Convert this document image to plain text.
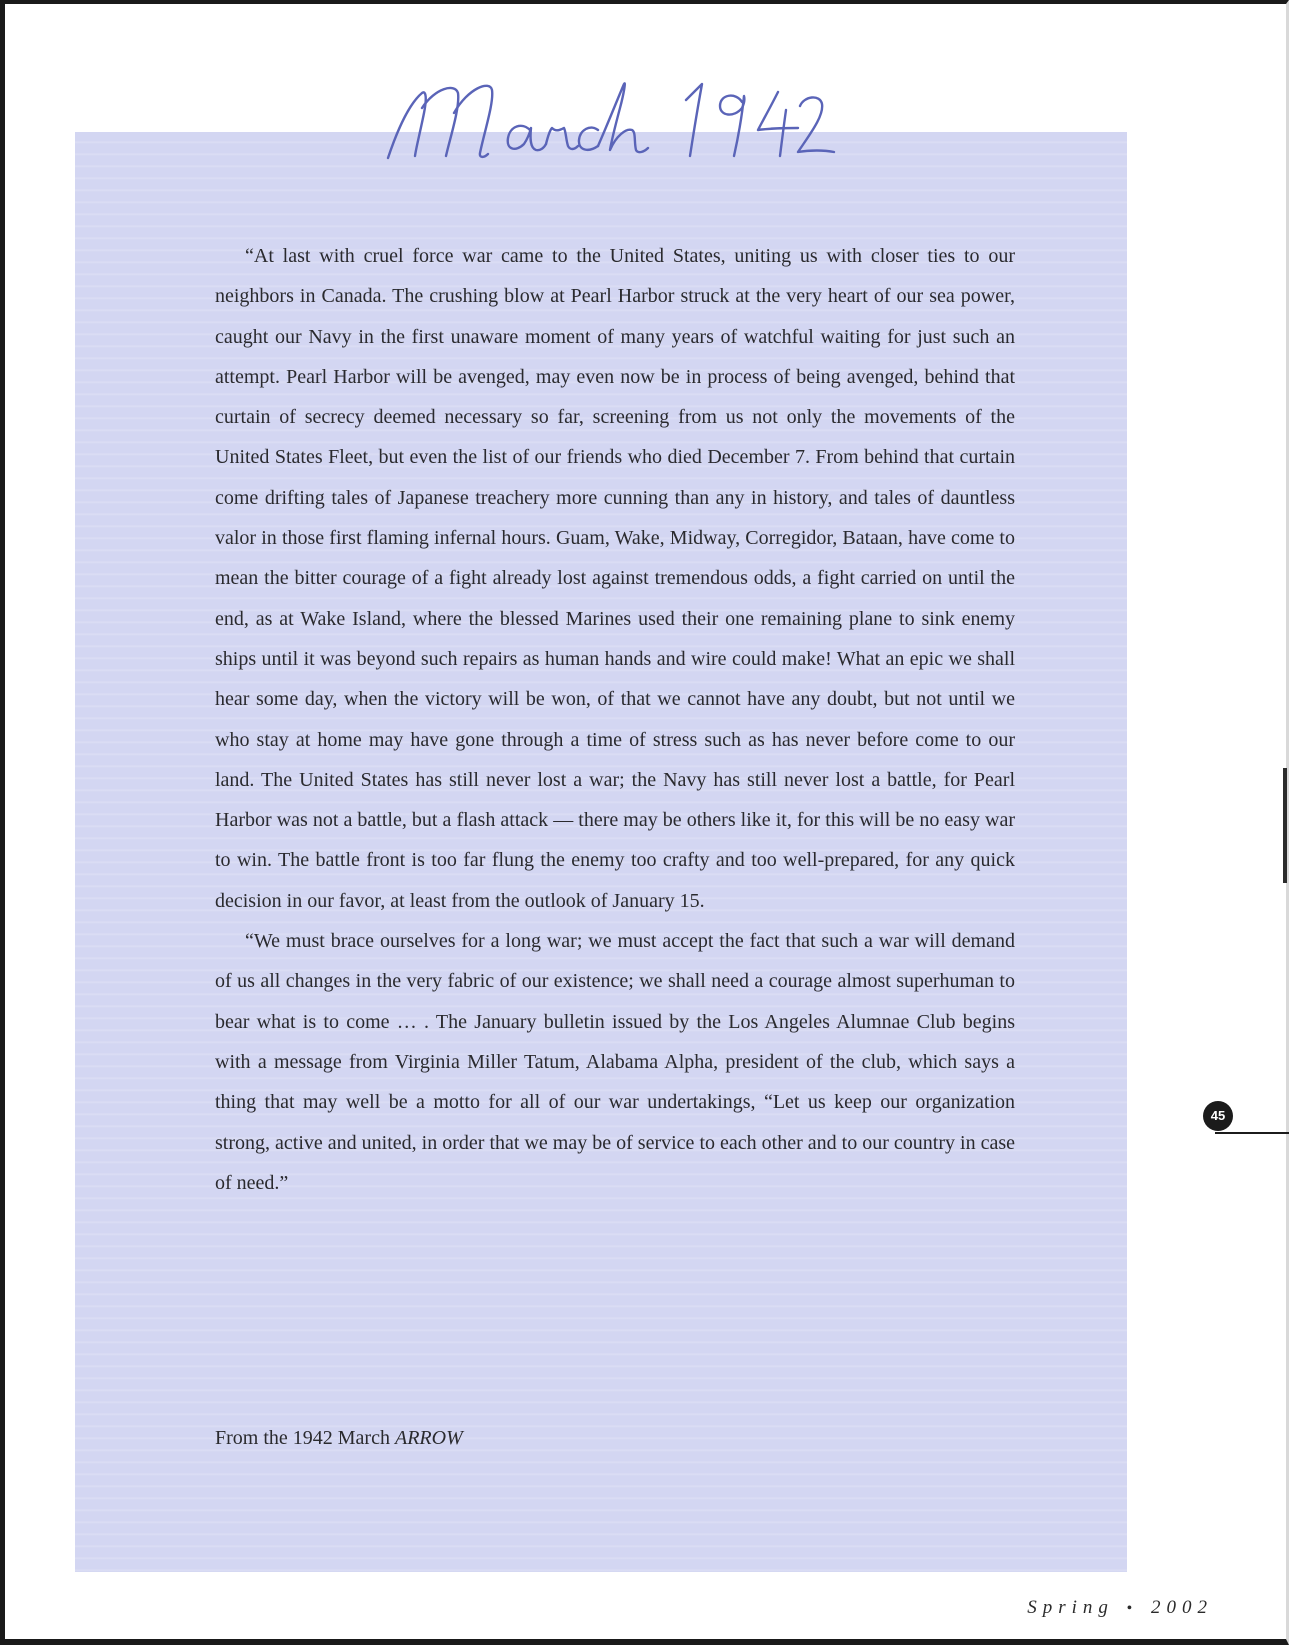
“At last with cruel force war came to the United States, uniting us with closer ties to our neighbors in Canada. The crushing blow at Pearl Harbor struck at the very heart of our sea power, caught our Navy in the first unaware moment of many years of watchful waiting for just such an attempt. Pearl Harbor will be avenged, may even now be in process of being avenged, behind that curtain of secrecy deemed necessary so far, screening from us not only the movements of the United States Fleet, but even the list of our friends who died December 7. From behind that curtain come drifting tales of Japanese treachery more cunning than any in history, and tales of dauntless valor in those first flaming infernal hours. Guam, Wake, Midway, Corregidor, Bataan, have come to mean the bitter courage of a fight already lost against tremendous odds, a fight carried on until the end, as at Wake Island, where the blessed Marines used their one remaining plane to sink enemy ships until it was beyond such repairs as human hands and wire could make! What an epic we shall hear some day, when the victory will be won, of that we cannot have any doubt, but not until we who stay at home may have gone through a time of stress such as has never before come to our land. The United States has still never lost a war; the Navy has still never lost a battle, for Pearl Harbor was not a battle, but a flash attack — there may be others like it, for this will be no easy war to win. The battle front is too far flung the enemy too crafty and too well-prepared, for any quick decision in our favor, at least from the outlook of January 15.

“We must brace ourselves for a long war; we must accept the fact that such a war will demand of us all changes in the very fabric of our existence; we shall need a courage almost superhuman to bear what is to come … . The January bulletin issued by the Los Angeles Alumnae Club begins with a message from Virginia Miller Tatum, Alabama Alpha, president of the club, which says a thing that may well be a motto for all of our war undertakings, “Let us keep our organization strong, active and united, in order that we may be of service to each other and to our country in case of need.”

From the 1942 March ARROW
45
Spring • 2002
